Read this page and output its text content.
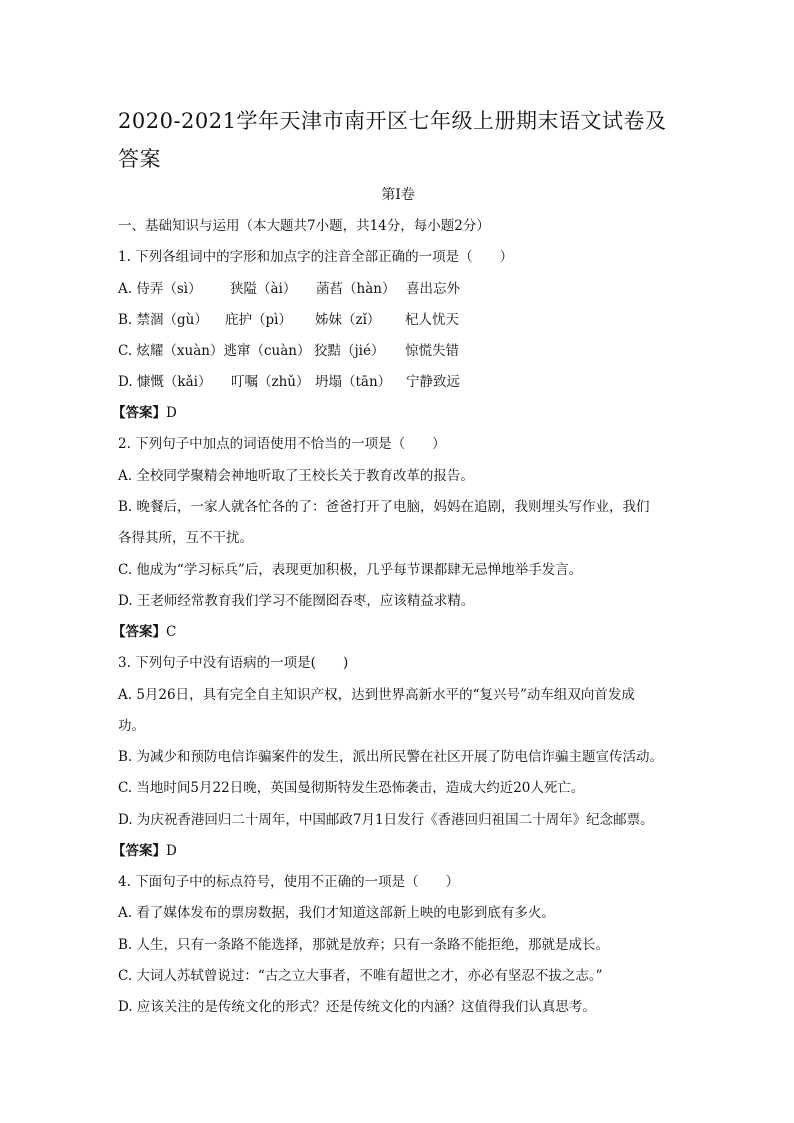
2020-2021学年天津市南开区七年级上册期末语文试卷及答案
第I卷
一、基础知识与运用（本大题共7小题，共14分，每小题2分）
1. 下列各组词中的字形和加点字的注音全部正确的一项是（　　）
A. 侍弄（sì） 狭隘（ài） 菡萏（hàn） 喜出忘外
B. 禁涸（gù） 庇护（pì） 姊妹（zǐ） 杞人忧天
C. 炫耀（xuàn）逃窜（cuàn） 狡黠（jié） 惊慌失错
D. 慷慨（kǎi） 叮嘱（zhǔ） 坍塌（tān） 宁静致远
【答案】D
2. 下列句子中加点的词语使用不恰当的一项是（　　）
A. 全校同学聚精会神地听取了王校长关于教育改革的报告。
B. 晚餐后，一家人就各忙各的了：爸爸打开了电脑，妈妈在追剧，我则埋头写作业，我们
各得其所，互不干扰。
C. 他成为“学习标兵”后，表现更加积极，几乎每节课都肆无忌惮地举手发言。
D. 王老师经常教育我们学习不能囫囵吞枣，应该精益求精。
【答案】C
3. 下列句子中没有语病的一项是(　　)
A. 5月26日，具有完全自主知识产权，达到世界高新水平的“复兴号”动车组双向首发成
功。
B. 为减少和预防电信诈骗案件的发生，派出所民警在社区开展了防电信诈骗主题宣传活动。
C. 当地时间5月22日晚，英国曼彻斯特发生恐怖袭击，造成大约近20人死亡。
D. 为庆祝香港回归二十周年，中国邮政7月1日发行《香港回归祖国二十周年》纪念邮票。
【答案】D
4. 下面句子中的标点符号，使用不正确的一项是（　　）
A. 看了媒体发布的票房数据，我们才知道这部新上映的电影到底有多火。
B. 人生，只有一条路不能选择，那就是放弃；只有一条路不能拒绝，那就是成长。
C. 大词人苏轼曾说过：“古之立大事者，不唯有超世之才，亦必有坚忍不拔之志。”
D. 应该关注的是传统文化的形式？还是传统文化的内涵？这值得我们认真思考。
